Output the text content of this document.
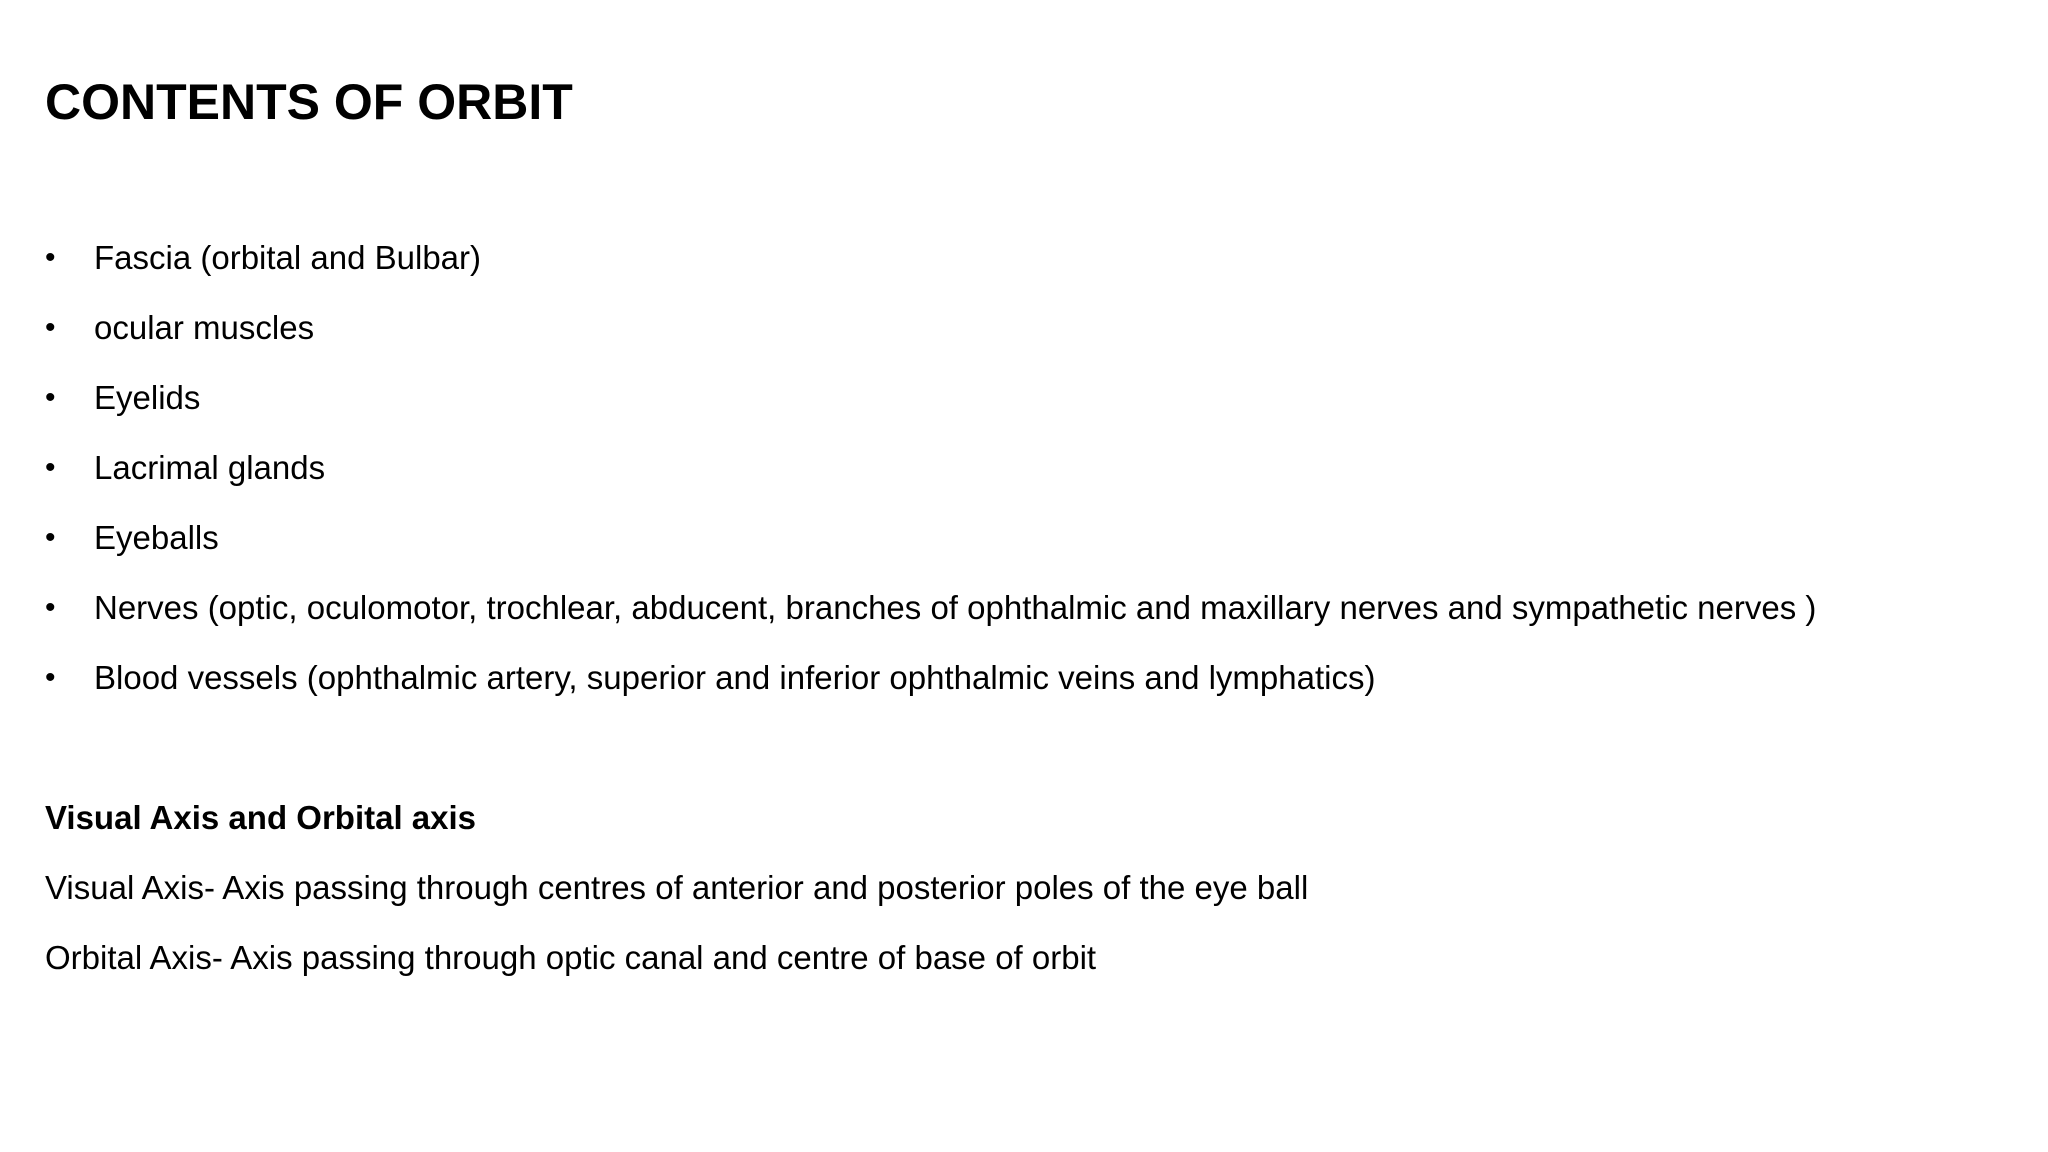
CONTENTS OF ORBIT
• Fascia (orbital and Bulbar)
• ocular muscles
• Eyelids
• Lacrimal glands
• Eyeballs
• Nerves (optic, oculomotor, trochlear, abducent, branches of ophthalmic and maxillary nerves and sympathetic nerves )
• Blood vessels (ophthalmic artery, superior and inferior ophthalmic veins and lymphatics)
Visual Axis and Orbital axis
Visual Axis- Axis passing through centres of anterior and posterior poles of the eye ball
Orbital Axis- Axis passing through optic canal and centre of base of orbit
